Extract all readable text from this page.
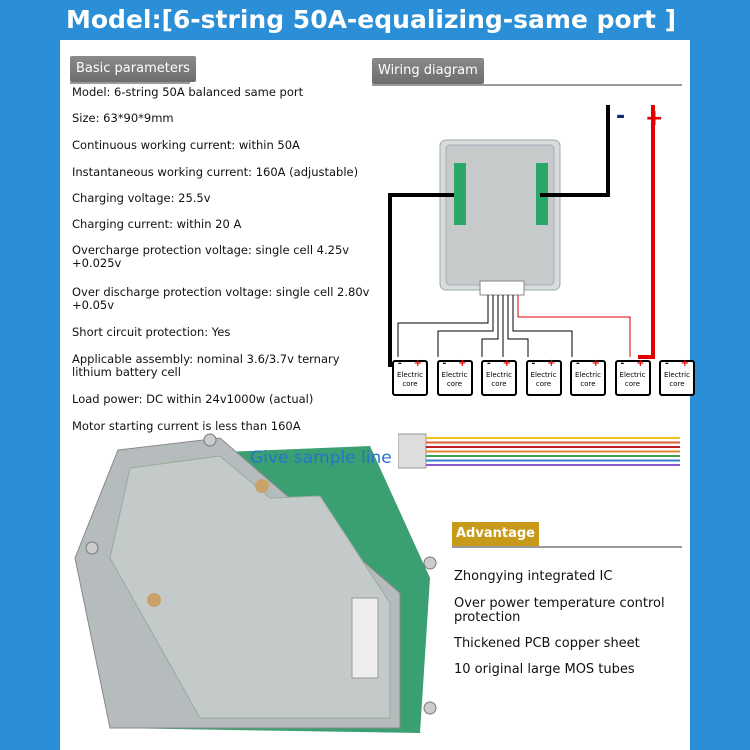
Model:[6-string 50A-equalizing-same port ]
Basic parameters
Model: 6-string 50A balanced same port
Size: 63*90*9mm
Continuous working current: within 50A
Instantaneous working current: 160A (adjustable)
Charging voltage: 25.5v
Charging current: within 20 A
Overcharge protection voltage: single cell 4.25v +0.025v
Over discharge protection voltage: single cell 2.80v +0.05v
Short circuit protection: Yes
Applicable assembly: nominal 3.6/3.7v ternary lithium battery cell
Load power: DC within 24v1000w (actual)
Motor starting current is less than 160A
Wiring diagram
- +
- +
Electric core
- +
Electric core
- +
Electric core
- +
Electric core
- +
Electric core
- +
Electric core
- +
Electric core
Give sample line
Advantage
Zhongying integrated IC
Over power temperature control protection
Thickened PCB copper sheet
10 original large MOS tubes
